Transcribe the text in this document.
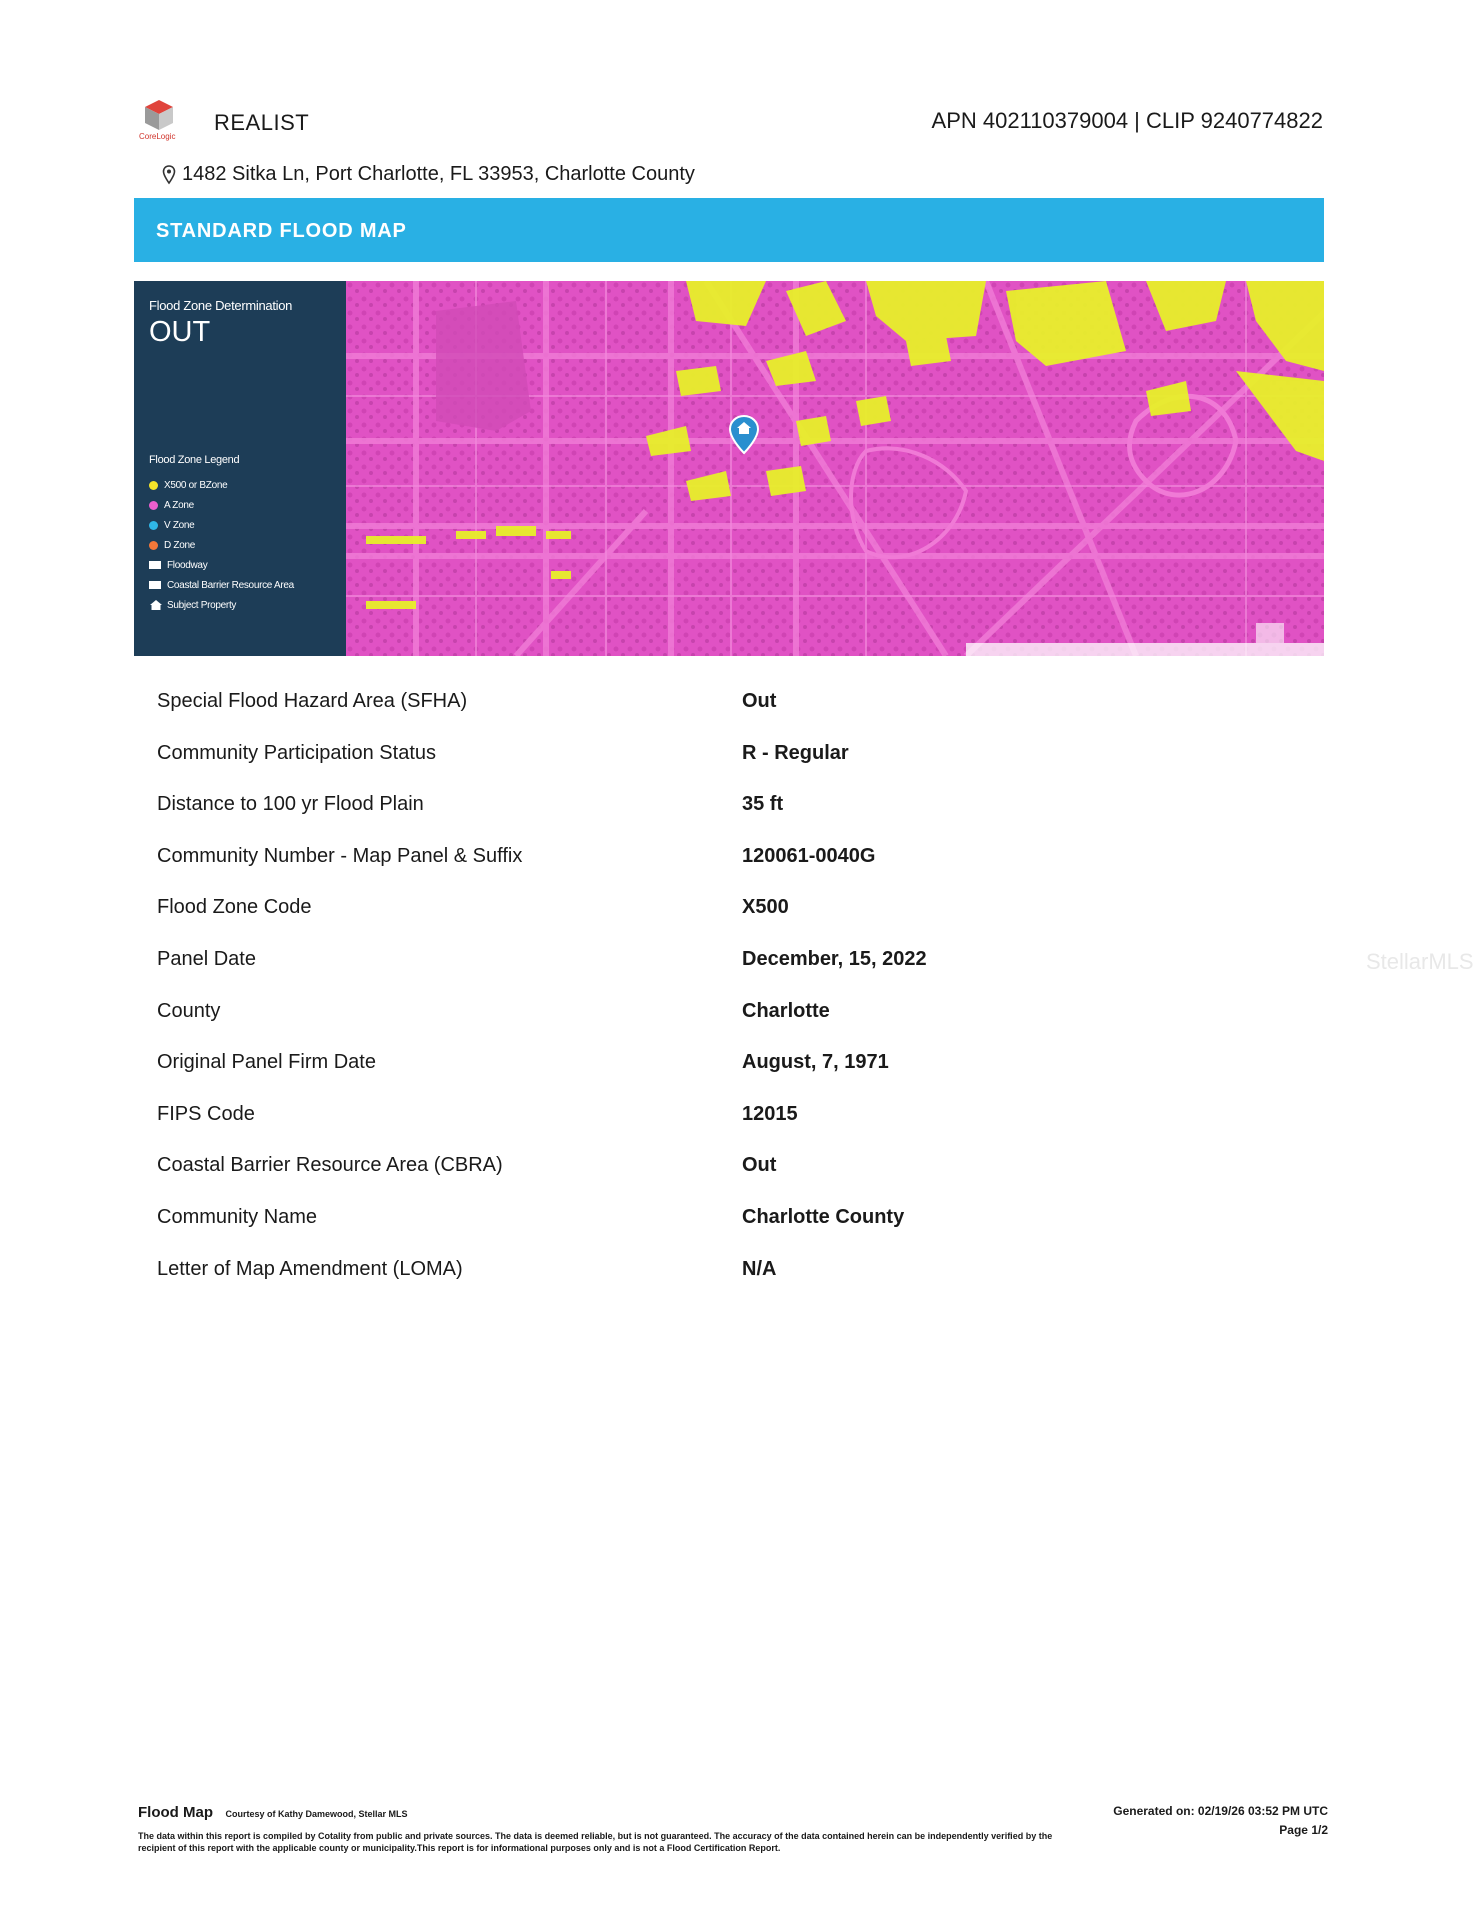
CoreLogic
REALIST	APN 402110379004 | CLIP 9240774822
1482 Sitka Ln, Port Charlotte, FL 33953, Charlotte County
STANDARD FLOOD MAP
Flood Zone Determination
OUT
Flood Zone Legend
X500 or BZone
A Zone
V Zone
D Zone
Floodway
Coastal Barrier Resource Area
Subject Property
Special Flood Hazard Area (SFHA)	Out
Community Participation Status	R - Regular
Distance to 100 yr Flood Plain	35 ft
Community Number - Map Panel & Suffix	120061-0040G
Flood Zone Code	X500
Panel Date	December, 15, 2022
County	Charlotte
Original Panel Firm Date	August, 7, 1971
FIPS Code	12015
Coastal Barrier Resource Area (CBRA)	Out
Community Name	Charlotte County
Letter of Map Amendment (LOMA)	N/A
StellarMLS
Flood Map Courtesy of Kathy Damewood, Stellar MLS
The data within this report is compiled by Cotality from public and private sources. The data is deemed reliable, but is not guaranteed. The accuracy of the data contained herein can be independently verified by the recipient of this report with the applicable county or municipality.This report is for informational purposes only and is not a Flood Certification Report.
Generated on: 02/19/26 03:52 PM UTC
Page 1/2
